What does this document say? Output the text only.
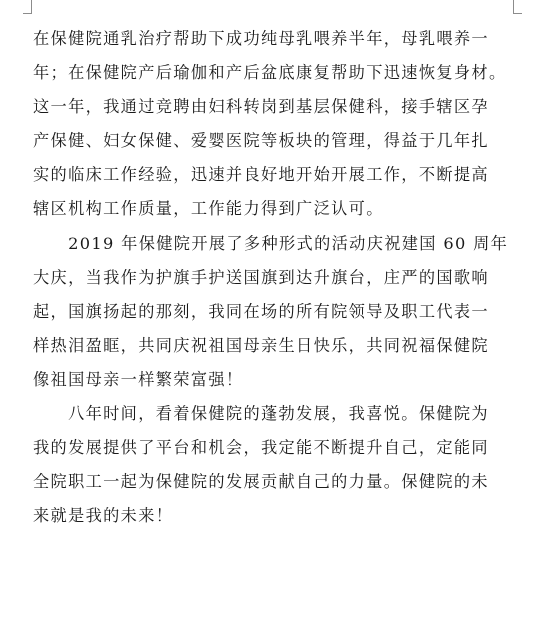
在保健院通乳治疗帮助下成功纯母乳喂养半年，母乳喂养一
年；在保健院产后瑜伽和产后盆底康复帮助下迅速恢复身材。
这一年，我通过竞聘由妇科转岗到基层保健科，接手辖区孕
产保健、妇女保健、爱婴医院等板块的管理，得益于几年扎
实的临床工作经验，迅速并良好地开始开展工作，不断提高
辖区机构工作质量，工作能力得到广泛认可。
　　2019 年保健院开展了多种形式的活动庆祝建国 60 周年
大庆，当我作为护旗手护送国旗到达升旗台，庄严的国歌响
起，国旗扬起的那刻，我同在场的所有院领导及职工代表一
样热泪盈眶，共同庆祝祖国母亲生日快乐，共同祝福保健院
像祖国母亲一样繁荣富强！
　　八年时间，看着保健院的蓬勃发展，我喜悦。保健院为
我的发展提供了平台和机会，我定能不断提升自己，定能同
全院职工一起为保健院的发展贡献自己的力量。保健院的未
来就是我的未来！
